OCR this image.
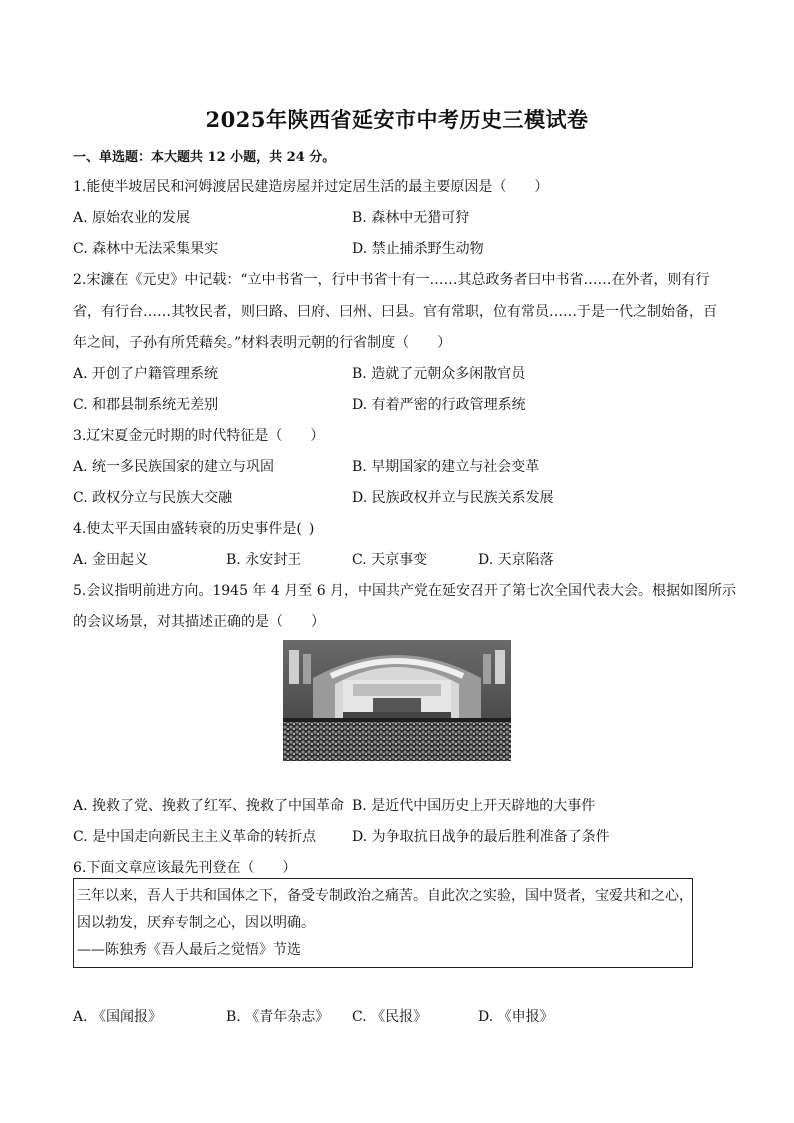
2025年陕西省延安市中考历史三模试卷
一、单选题：本大题共 12 小题，共 24 分。
1.能使半坡居民和河姆渡居民建造房屋并过定居生活的最主要原因是（　　）
A. 原始农业的发展	B. 森林中无猎可狩
C. 森林中无法采集果实	D. 禁止捕杀野生动物
2.宋濂在《元史》中记载：“立中书省一，行中书省十有一……其总政务者曰中书省……在外者，则有行
省，有行台……其牧民者，则曰路、曰府、曰州、曰县。官有常职，位有常员……于是一代之制始备，百
年之间，子孙有所凭藉矣。”材料表明元朝的行省制度（　　）
A. 开创了户籍管理系统	B. 造就了元朝众多闲散官员
C. 和郡县制系统无差别	D. 有着严密的行政管理系统
3.辽宋夏金元时期的时代特征是（　　）
A. 统一多民族国家的建立与巩固	B. 早期国家的建立与社会变革
C. 政权分立与民族大交融	D. 民族政权并立与民族关系发展
4.使太平天国由盛转衰的历史事件是( )
A. 金田起义	B. 永安封王	C. 天京事变	D. 天京陷落
5.会议指明前进方向。1945 年 4 月至 6 月，中国共产党在延安召开了第七次全国代表大会。根据如图所示
的会议场景，对其描述正确的是（　　）
A. 挽救了党、挽救了红军、挽救了中国革命 B. 是近代中国历史上开天辟地的大事件
C. 是中国走向新民主主义革命的转折点	D. 为争取抗日战争的最后胜利准备了条件
6.下面文章应该最先刊登在（　　）
三年以来，吾人于共和国体之下，备受专制政治之痛苦。自此次之实验，国中贤者，宝爱共和之心，
因以勃发，厌弃专制之心，因以明确。
——陈独秀《吾人最后之觉悟》节选
A. 《国闻报》	B. 《青年杂志》 C. 《民报》	D. 《申报》
